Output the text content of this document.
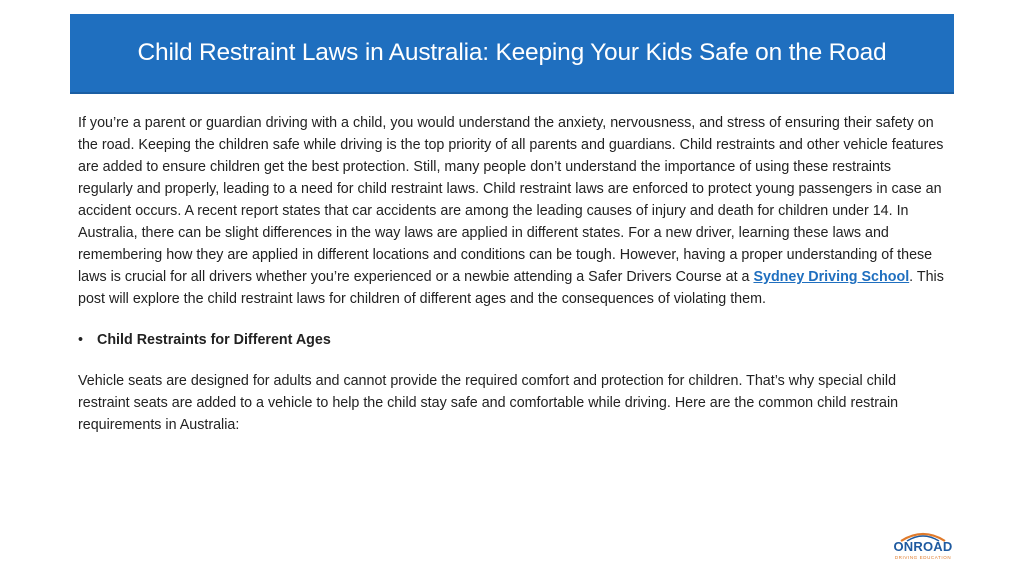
Child Restraint Laws in Australia: Keeping Your Kids Safe on the Road

If you’re a parent or guardian driving with a child, you would understand the anxiety, nervousness, and stress of ensuring their safety on the road. Keeping the children safe while driving is the top priority of all parents and guardians. Child restraints and other vehicle features are added to ensure children get the best protection. Still, many people don’t understand the importance of using these restraints regularly and properly, leading to a need for child restraint laws. Child restraint laws are enforced to protect young passengers in case an accident occurs. A recent report states that car accidents are among the leading causes of injury and death for children under 14. In Australia, there can be slight differences in the way laws are applied in different states. For a new driver, learning these laws and remembering how they are applied in different locations and conditions can be tough. However, having a proper understanding of these laws is crucial for all drivers whether you’re experienced or a newbie attending a Safer Drivers Course at a Sydney Driving School. This post will explore the child restraint laws for children of different ages and the consequences of violating them.

• Child Restraints for Different Ages

Vehicle seats are designed for adults and cannot provide the required comfort and protection for children. That’s why special child restraint seats are added to a vehicle to help the child stay safe and comfortable while driving. Here are the common child restrain requirements in Australia:

ONROAD
DRIVING EDUCATION
